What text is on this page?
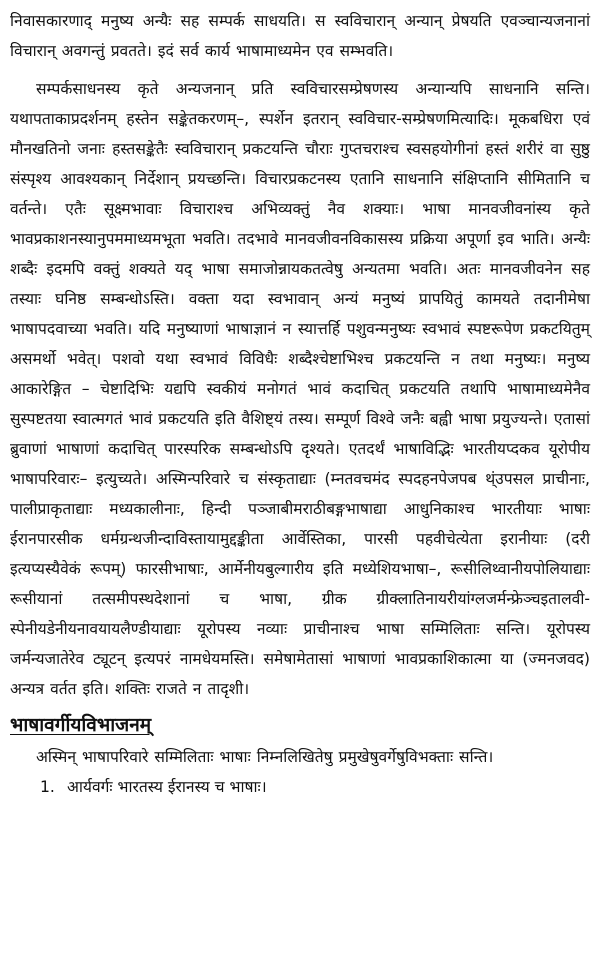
निवासकारणाद् मनुष्य अन्यैः सह सम्पर्क साधयति। स स्वविचारान् अन्यान् प्रेषयति एवञ्चान्यजनानां विचारान् अवगन्तुं प्रवतते। इदं सर्व कार्य भाषामाध्यमेन एव सम्भवति।

सम्पर्कसाधनस्य कृते अन्यजनान् प्रति स्वविचारसम्प्रेषणस्य अन्यान्यपि साधनानि सन्ति। यथापताकाप्रदर्शनम् हस्तेन सङ्केतकरणम्–, स्पर्शेन इतरान् स्वविचार-सम्प्रेषणमित्यादिः। मूकबधिरा एवं मौनखतिनो जनाः हस्तसङ्केतैः स्वविचारान् प्रकटयन्ति चौराः गुप्तचराश्च स्वसहयोगीनां हस्तं शरीरं वा सुष्ठु संस्पृश्य आवश्यकान् निर्देशान् प्रयच्छन्ति। विचारप्रकटनस्य एतानि साधनानि संक्षिप्तानि सीमितानि च वर्तन्ते। एतैः सूक्ष्मभावाः विचाराश्च अभिव्यक्तुं नैव शक्याः। भाषा मानवजीवनांस्य कृते भावप्रकाशनस्यानुपममाध्यमभूता भवति। तदभावे मानवजीवनविकासस्य प्रक्रिया अपूर्णा इव भाति। अन्यैः शब्दैः इदमपि वक्तुं शक्यते यद् भाषा समाजोन्नायकतत्वेषु अन्यतमा भवति। अतः मानवजीवनेन सह तस्याः घनिष्ठ सम्बन्धोऽस्ति। वक्ता यदा स्वभावान् अन्यं मनुष्यं प्रापयितुं कामयते तदानीमेषा भाषापदवाच्या भवति। यदि मनुष्याणां भाषाज्ञानं न स्यात्तर्हि पशुवन्मनुष्यः स्वभावं स्पष्टरूपेण प्रकटयितुम् असमर्थो भवेत्। पशवो यथा स्वभावं विविधैः शब्दैश्चेष्टाभिश्च प्रकटयन्ति न तथा मनुष्यः। मनुष्य आकारेङ्गित – चेष्टादिभिः यद्यपि स्वकीयं मनोगतं भावं कदाचित् प्रकटयति तथापि भाषामाध्यमेनैव सुस्पष्टतया स्वात्मगतं भावं प्रकटयति इति वैशिष्ट्यं तस्य। सम्पूर्ण विश्वे जनैः बह्वी भाषा प्रयुज्यन्ते। एतासां ब्रुवाणां भाषाणां कदाचित् पारस्परिक सम्बन्धोऽपि दृश्यते। एतदर्थं भाषाविद्भिः भारतीयप्दकव यूरोपीय भाषापरिवारः– इत्युच्यते। अस्मिन्परिवारे च संस्कृताद्याः (म्नतवचमंद स्पदहनपेजपब थ्ंउपसल प्राचीनाः, पालीप्राकृताद्याः मध्यकालीनाः, हिन्दी पञ्जाबीमराठीबङ्गभाषाद्या आधुनिकाश्च भारतीयाः भाषाः ईरानपारसीक धर्मग्रन्थजीन्दाविस्तायामुद्दङ्कीता आर्वेस्तिका, पारसी पहवीचेत्येता इरानीयाः (दरी इत्यप्यस्यैवेकं रूपम्) फारसीभाषाः, आर्मेनीयबुल्गारीय इति मध्येशियभाषा–, रूसीलिथ्वानीयपोलियाद्याः रूसीयानां तत्समीपस्थदेशानां च भाषा, ग्रीक ग्रीक्लातिनायरीयांग्लजर्मन्फ्रेञ्चइतालवी-स्पेनीयडेनीयनावयायलैण्डीयाद्याः यूरोपस्य नव्याः प्राचीनाश्च भाषा सम्मिलिताः सन्ति। यूरोपस्य जर्मन्यजातेरेव ट्यूटन् इत्यपरं नामधेयमस्ति। समेषामेतासां भाषाणां भावप्रकाशिकात्मा या (ज्मनजवद) अन्यत्र वर्तत इति। शक्तिः राजते न तादृशी।

भाषावर्गीयविभाजनम्

अस्मिन् भाषापरिवारे सम्मिलिताः भाषाः निम्नलिखितेषु प्रमुखेषुवर्गेषुविभक्ताः सन्ति।

1. आर्यवर्गः भारतस्य ईरानस्य च भाषाः।
